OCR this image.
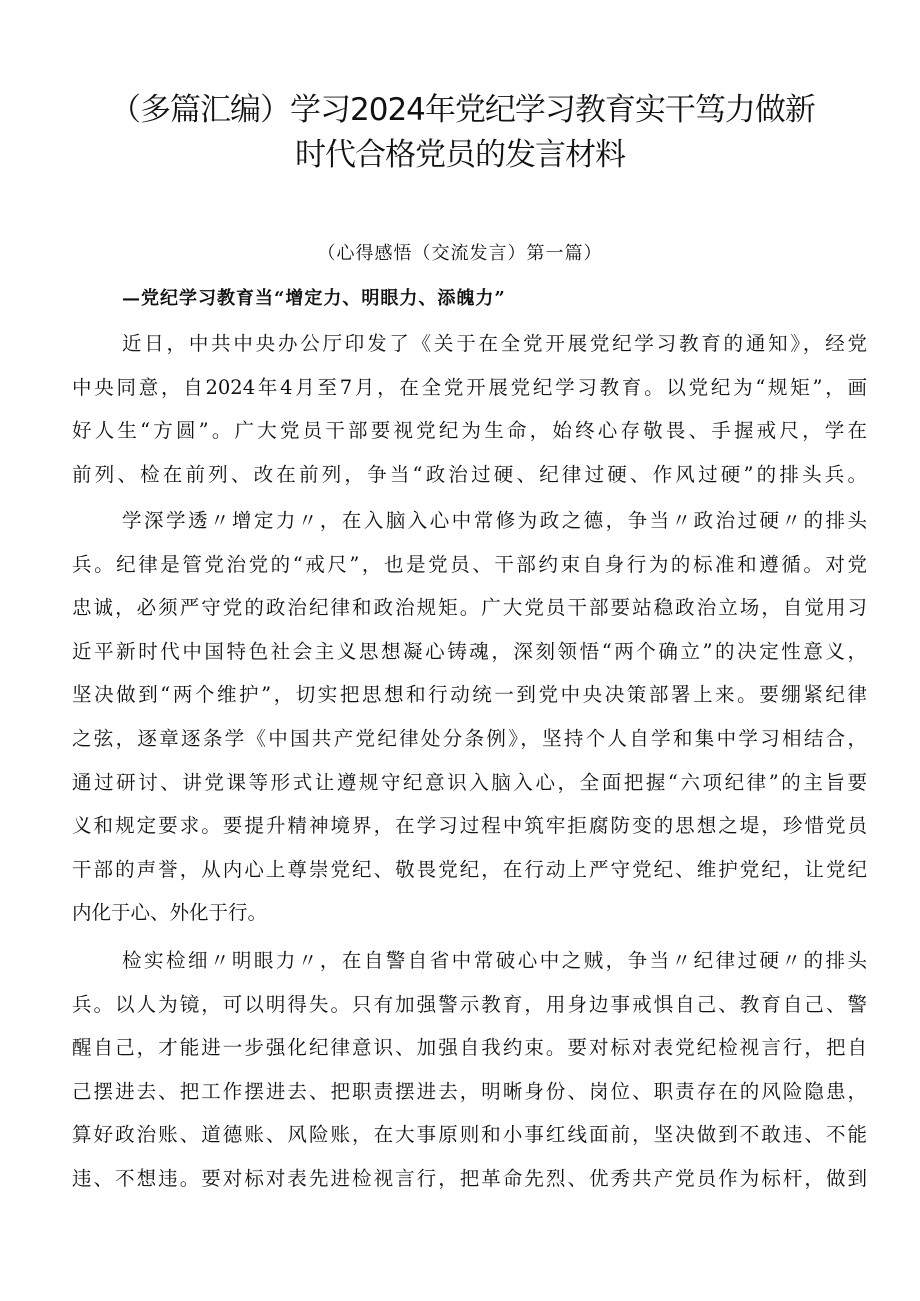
（多篇汇编）学习2024年党纪学习教育实干笃力做新
时代合格党员的发言材料
（心得感悟（交流发言）第一篇）
—党纪学习教育当“增定力、明眼力、添魄力”
近日，中共中央办公厅印发了《关于在全党开展党纪学习教育的通知》，经党
中央同意，自2024年4月至7月，在全党开展党纪学习教育。以党纪为“规矩”，画
好人生“方圆”。广大党员干部要视党纪为生命，始终心存敬畏、手握戒尺，学在
前列、检在前列、改在前列，争当“政治过硬、纪律过硬、作风过硬”的排头兵。
学深学透〃增定力〃，在入脑入心中常修为政之德，争当〃政治过硬〃的排头
兵。纪律是管党治党的“戒尺”，也是党员、干部约束自身行为的标准和遵循。对党
忠诚，必须严守党的政治纪律和政治规矩。广大党员干部要站稳政治立场，自觉用习
近平新时代中国特色社会主义思想凝心铸魂，深刻领悟“两个确立”的决定性意义，
坚决做到“两个维护”，切实把思想和行动统一到党中央决策部署上来。要绷紧纪律
之弦，逐章逐条学《中国共产党纪律处分条例》，坚持个人自学和集中学习相结合，
通过研讨、讲党课等形式让遵规守纪意识入脑入心，全面把握“六项纪律”的主旨要
义和规定要求。要提升精神境界，在学习过程中筑牢拒腐防变的思想之堤，珍惜党员
干部的声誉，从内心上尊崇党纪、敬畏党纪，在行动上严守党纪、维护党纪，让党纪
内化于心、外化于行。
检实检细〃明眼力〃，在自警自省中常破心中之贼，争当〃纪律过硬〃的排头
兵。以人为镜，可以明得失。只有加强警示教育，用身边事戒惧自己、教育自己、警
醒自己，才能进一步强化纪律意识、加强自我约束。要对标对表党纪检视言行，把自
己摆进去、把工作摆进去、把职责摆进去，明晰身份、岗位、职责存在的风险隐患，
算好政治账、道德账、风险账，在大事原则和小事红线面前，坚决做到不敢违、不能
违、不想违。要对标对表先进检视言行，把革命先烈、优秀共产党员作为标杆，做到
